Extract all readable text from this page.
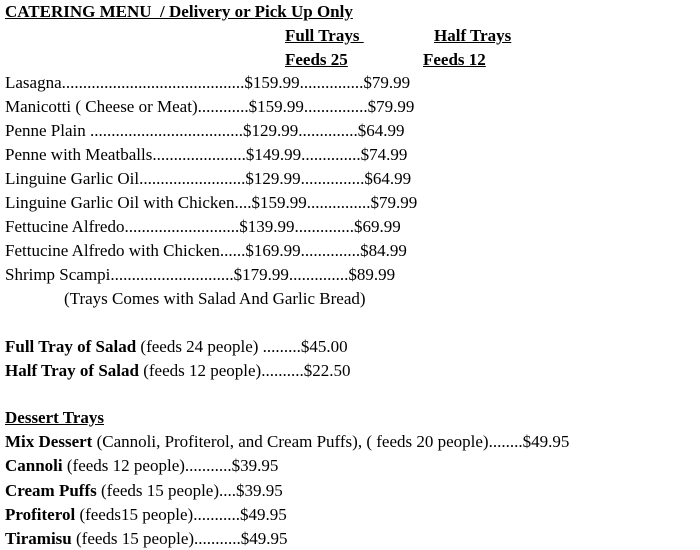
CATERING MENU  / Delivery or Pick Up Only
Full Trays	Half Trays
Feeds 25	Feeds 12
Lasagna...........................................$159.99...............$79.99
Manicotti ( Cheese or Meat)............$159.99...............$79.99
Penne Plain ....................................$129.99..............$64.99
Penne with Meatballs......................$149.99..............$74.99
Linguine Garlic Oil.........................$129.99...............$64.99
Linguine Garlic Oil with Chicken....$159.99...............$79.99
Fettucine Alfredo...........................$139.99..............$69.99
Fettucine Alfredo with Chicken......$169.99..............$84.99
Shrimp Scampi.............................$179.99..............$89.99
(Trays Comes with Salad And Garlic Bread)
Full Tray of Salad (feeds 24 people) .........$45.00
Half Tray of Salad (feeds 12 people)..........$22.50
Dessert Trays
Mix Dessert (Cannoli, Profiterol, and Cream Puffs), ( feeds 20 people)........$49.95
Cannoli (feeds 12 people)...........$39.95
Cream Puffs (feeds 15 people)....$39.95
Profiterol (feeds15 people)...........$49.95
Tiramisu (feeds 15 people)...........$49.95
